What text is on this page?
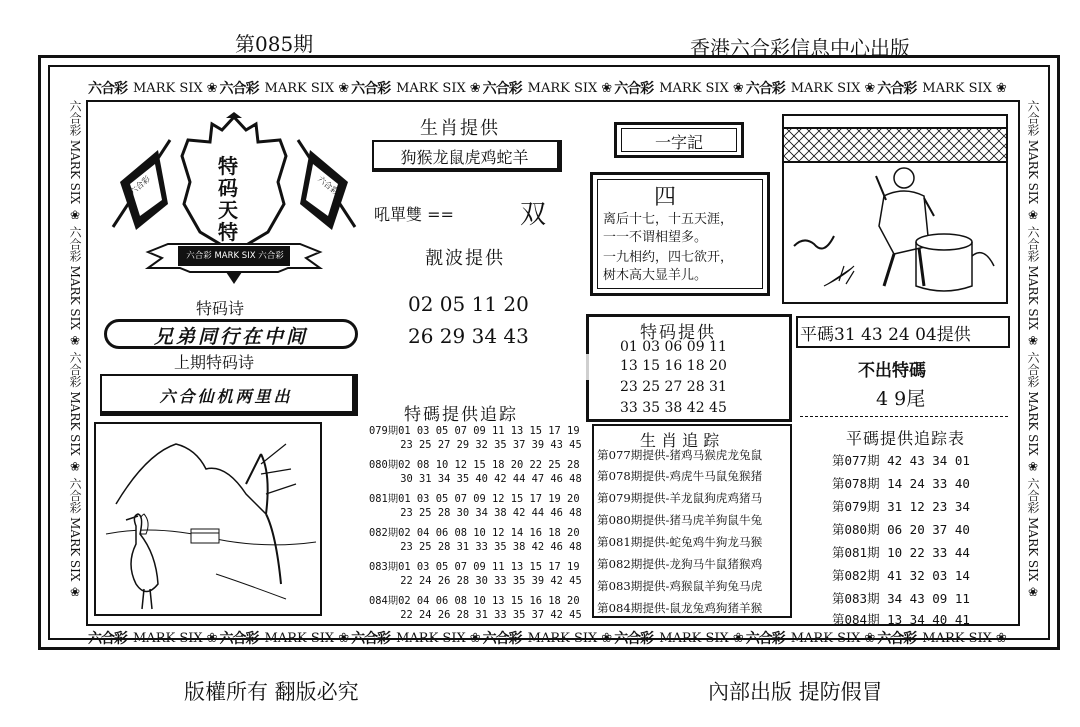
第085期	香港六合彩信息中心出版
六合彩 MARK SIX ❀ 六合彩 MARK SIX ❀ 六合彩 MARK SIX ❀ 六合彩 MARK SIX ❀ 六合彩 MARK SIX ❀ 六合彩 MARK SIX ❀ 六合彩 MARK SIX ❀
六合彩 MARK SIX ❀ 六合彩 MARK SIX ❀ 六合彩 MARK SIX ❀ 六合彩 MARK SIX ❀ 六合彩 MARK SIX ❀ 六合彩 MARK SIX ❀ 六合彩 MARK SIX ❀
六合彩 MARK SIX ❀ 六合彩 MARK SIX ❀ 六合彩 MARK SIX ❀ 六合彩 MARK SIX ❀
六合彩 MARK SIX ❀ 六合彩 MARK SIX ❀ 六合彩 MARK SIX ❀ 六合彩 MARK SIX ❀
特
码
天
特
六合彩 MARK SIX 六合彩
六合彩	六合彩
特码诗
兄弟同行在中间
上期特码诗
六合仙机两里出
生肖提供
狗猴龙鼠虎鸡蛇羊
吼單雙 ==	双
靓波提供
02 05 11 20
26 29 34 43
一字記
四
离后十七，十五天涯，
一一不谓相望多。
一九相约，四七欲开，
树木高大显羊儿。
特码提供
01 03 06 09 11
13 15 16 18 20
23 25 27 28 31
33 35 38 42 45
平碼31 43 24 04提供
不出特碼
4 9尾
特碼提供追踪
079期01 03 05 07 09 11 13 15 17 19
23 25 27 29 32 35 37 39 43 45
080期02 08 10 12 15 18 20 22 25 28
30 31 34 35 40 42 44 47 46 48
081期01 03 05 07 09 12 15 17 19 20
23 25 28 30 34 38 42 44 46 48
082期02 04 06 08 10 12 14 16 18 20
23 25 28 31 33 35 38 42 46 48
083期01 03 05 07 09 11 13 15 17 19
22 24 26 28 30 33 35 39 42 45
084期02 04 06 08 10 13 15 16 18 20
22 24 26 28 31 33 35 37 42 45
生 肖 追 踪
第077期提供-猪鸡马猴虎龙兔鼠
第078期提供-鸡虎牛马鼠兔猴猪
第079期提供-羊龙鼠狗虎鸡猪马
第080期提供-猪马虎羊狗鼠牛兔
第081期提供-蛇兔鸡牛狗龙马猴
第082期提供-龙狗马牛鼠猪猴鸡
第083期提供-鸡猴鼠羊狗兔马虎
第084期提供-鼠龙兔鸡狗猪羊猴
平碼提供追踪表
第077期 42 43 34 01
第078期 14 24 33 40
第079期 31 12 23 34
第080期 06 20 37 40
第081期 10 22 33 44
第082期 41 32 03 14
第083期 34 43 09 11
第084期 13 34 40 41
版權所有 翻版必究	內部出版 提防假冒
